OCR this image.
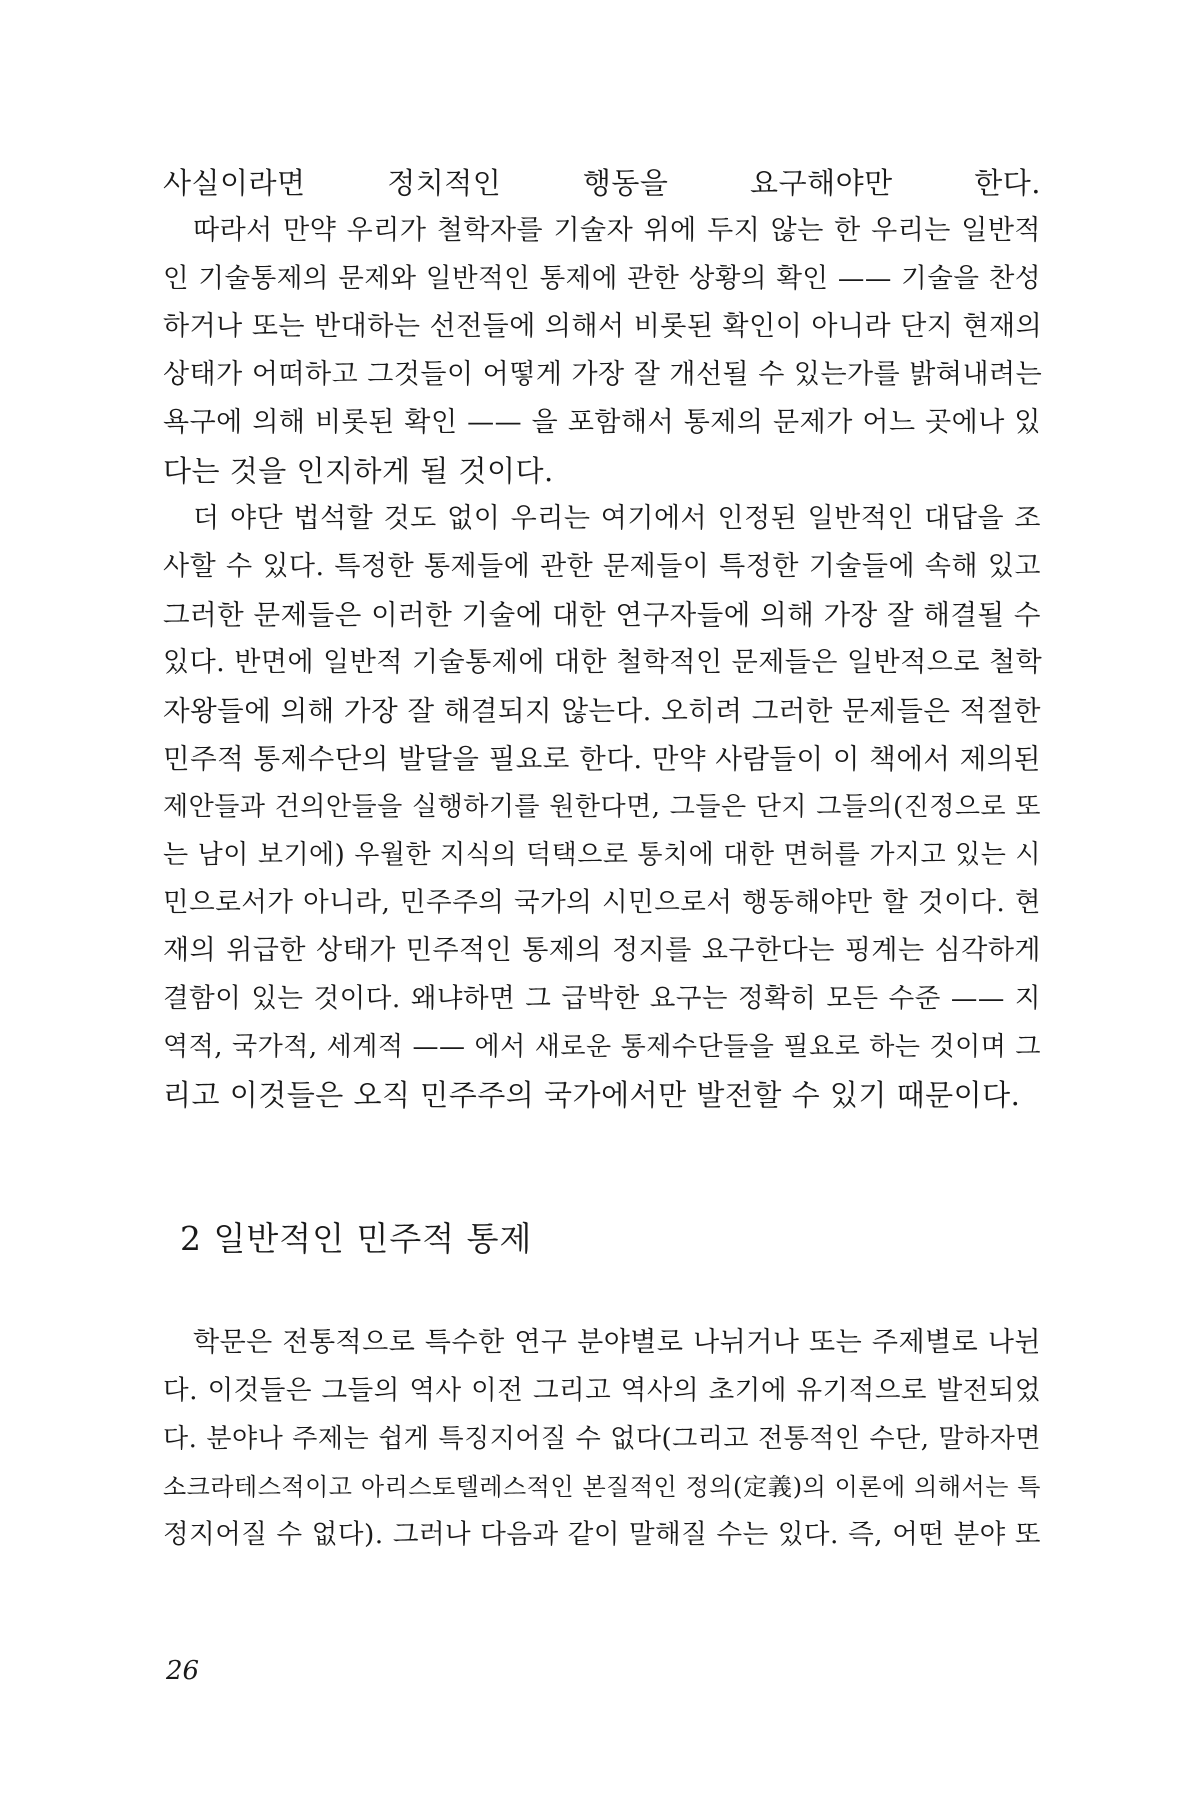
사실이라면 정치적인 행동을 요구해야만 한다.
따라서 만약 우리가 철학자를 기술자 위에 두지 않는 한 우리는 일반적
인 기술통제의 문제와 일반적인 통제에 관한 상황의 확인 —— 기술을 찬성
하거나 또는 반대하는 선전들에 의해서 비롯된 확인이 아니라 단지 현재의
상태가 어떠하고 그것들이 어떻게 가장 잘 개선될 수 있는가를 밝혀내려는
욕구에 의해 비롯된 확인 —— 을 포함해서 통제의 문제가 어느 곳에나 있
다는 것을 인지하게 될 것이다.
더 야단 법석할 것도 없이 우리는 여기에서 인정된 일반적인 대답을 조
사할 수 있다. 특정한 통제들에 관한 문제들이 특정한 기술들에 속해 있고
그러한 문제들은 이러한 기술에 대한 연구자들에 의해 가장 잘 해결될 수
있다. 반면에 일반적 기술통제에 대한 철학적인 문제들은 일반적으로 철학
자왕들에 의해 가장 잘 해결되지 않는다. 오히려 그러한 문제들은 적절한
민주적 통제수단의 발달을 필요로 한다. 만약 사람들이 이 책에서 제의된
제안들과 건의안들을 실행하기를 원한다면, 그들은 단지 그들의(진정으로 또
는 남이 보기에) 우월한 지식의 덕택으로 통치에 대한 면허를 가지고 있는 시
민으로서가 아니라, 민주주의 국가의 시민으로서 행동해야만 할 것이다. 현
재의 위급한 상태가 민주적인 통제의 정지를 요구한다는 핑계는 심각하게
결함이 있는 것이다. 왜냐하면 그 급박한 요구는 정확히 모든 수준 —— 지
역적, 국가적, 세계적 —— 에서 새로운 통제수단들을 필요로 하는 것이며 그
리고 이것들은 오직 민주주의 국가에서만 발전할 수 있기 때문이다.
2 일반적인 민주적 통제
학문은 전통적으로 특수한 연구 분야별로 나뉘거나 또는 주제별로 나뉜
다. 이것들은 그들의 역사 이전 그리고 역사의 초기에 유기적으로 발전되었
다. 분야나 주제는 쉽게 특징지어질 수 없다(그리고 전통적인 수단, 말하자면
소크라테스적이고 아리스토텔레스적인 본질적인 정의(定義)의 이론에 의해서는 특
정지어질 수 없다). 그러나 다음과 같이 말해질 수는 있다. 즉, 어떤 분야 또
26
